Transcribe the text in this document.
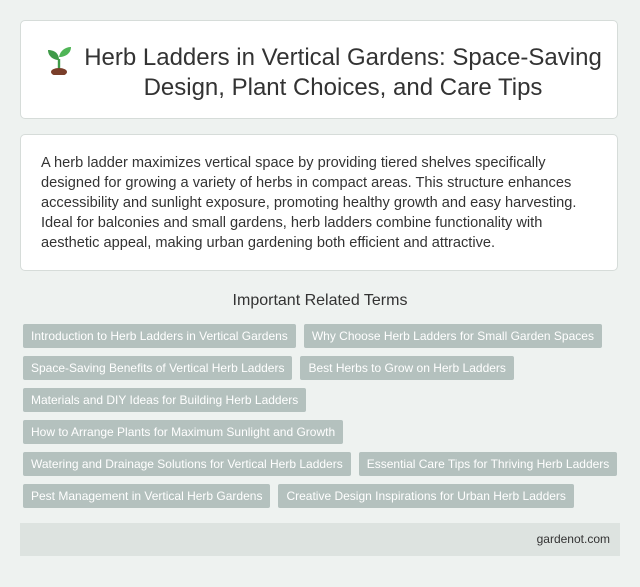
Herb Ladders in Vertical Gardens: Space-Saving Design, Plant Choices, and Care Tips

A herb ladder maximizes vertical space by providing tiered shelves specifically designed for growing a variety of herbs in compact areas. This structure enhances accessibility and sunlight exposure, promoting healthy growth and easy harvesting. Ideal for balconies and small gardens, herb ladders combine functionality with aesthetic appeal, making urban gardening both efficient and attractive.

Important Related Terms
Introduction to Herb Ladders in Vertical Gardens	Why Choose Herb Ladders for Small Garden Spaces
Space-Saving Benefits of Vertical Herb Ladders	Best Herbs to Grow on Herb Ladders
Materials and DIY Ideas for Building Herb Ladders
How to Arrange Plants for Maximum Sunlight and Growth
Watering and Drainage Solutions for Vertical Herb Ladders	Essential Care Tips for Thriving Herb Ladders
Pest Management in Vertical Herb Gardens	Creative Design Inspirations for Urban Herb Ladders
gardenot.com
